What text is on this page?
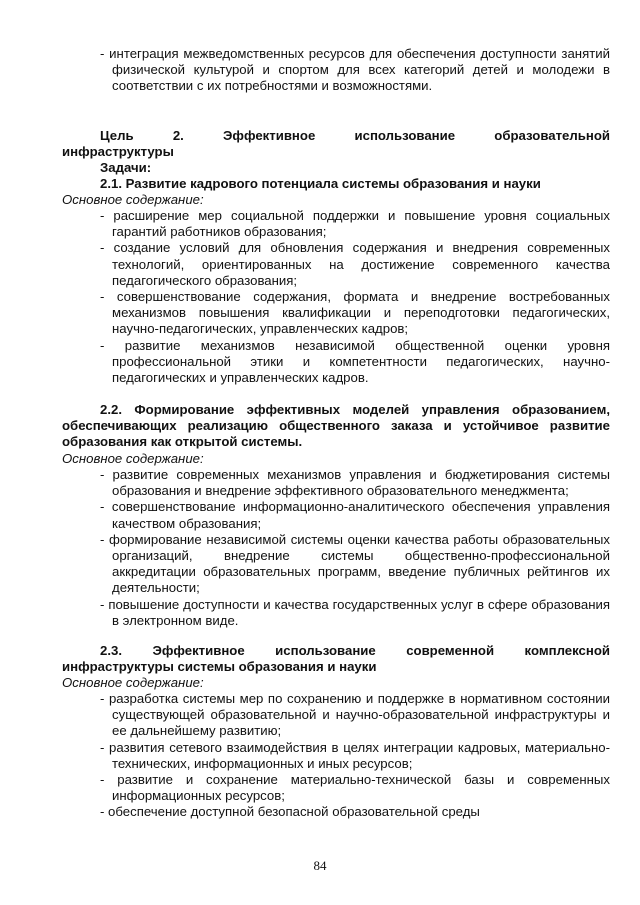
- интеграция межведомственных ресурсов для обеспечения доступности занятий физической культурой и спортом для всех категорий детей и молодежи в соответствии с их потребностями и возможностями.

Цель 2. Эффективное использование образовательной

инфраструктуры

Задачи:

2.1. Развитие кадрового потенциала системы образования и науки

Основное содержание:

- расширение мер социальной поддержки и повышение уровня социальных гарантий работников образования;

- создание условий для обновления содержания и внедрения современных технологий, ориентированных на достижение современного качества педагогического образования;

- совершенствование содержания, формата и внедрение востребованных механизмов повышения квалификации и переподготовки педагогических, научно-педагогических, управленческих кадров;

- развитие механизмов независимой общественной оценки уровня профессиональной этики и компетентности педагогических, научно-педагогических и управленческих кадров.

2.2. Формирование эффективных моделей управления образованием, обеспечивающих реализацию общественного заказа и устойчивое развитие образования как открытой системы.

Основное содержание:

- развитие современных механизмов управления и бюджетирования системы образования и внедрение эффективного образовательного менеджмента;

- совершенствование информационно-аналитического обеспечения управления качеством образования;

- формирование независимой системы оценки качества работы образовательных организаций, внедрение системы общественно-профессиональной аккредитации образовательных программ, введение публичных рейтингов их деятельности;

- повышение доступности и качества государственных услуг в сфере образования в электронном виде.

2.3. Эффективное использование современной комплексной

инфраструктуры системы образования и науки

Основное содержание:

- разработка системы мер по сохранению и поддержке в нормативном состоянии существующей образовательной и научно-образовательной инфраструктуры и ее дальнейшему развитию;

- развития сетевого взаимодействия в целях интеграции кадровых, материально-технических, информационных и иных ресурсов;

- развитие и сохранение материально-технической базы и современных информационных ресурсов;

- обеспечение доступной безопасной образовательной среды

84
